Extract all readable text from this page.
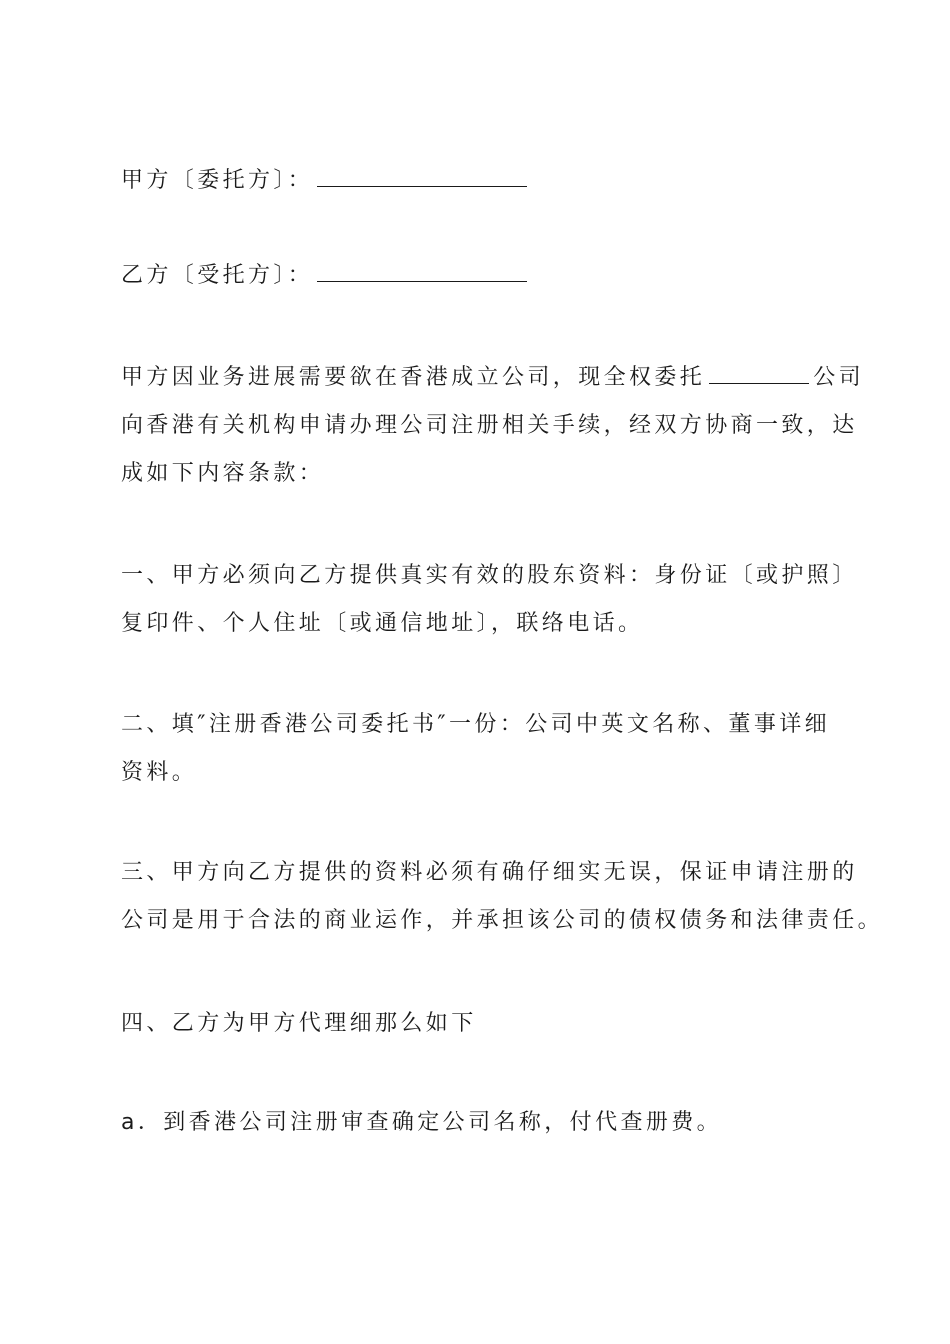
甲方〔委托方〕：

乙方〔受托方〕：

甲方因业务进展需要欲在香港成立公司，现全权委托	公司
向香港有关机构申请办理公司注册相关手续，经双方协商一致，达
成如下内容条款：
一、甲方必须向乙方提供真实有效的股东资料：身份证〔或护照〕
复印件、个人住址〔或通信地址〕，联络电话。
二、填″注册香港公司委托书″一份：公司中英文名称、董事详细
资料。
三、甲方向乙方提供的资料必须有确仔细实无误，保证申请注册的
公司是用于合法的商业运作，并承担该公司的债权债务和法律责任。
四、乙方为甲方代理细那么如下
a．到香港公司注册审查确定公司名称，付代查册费。
